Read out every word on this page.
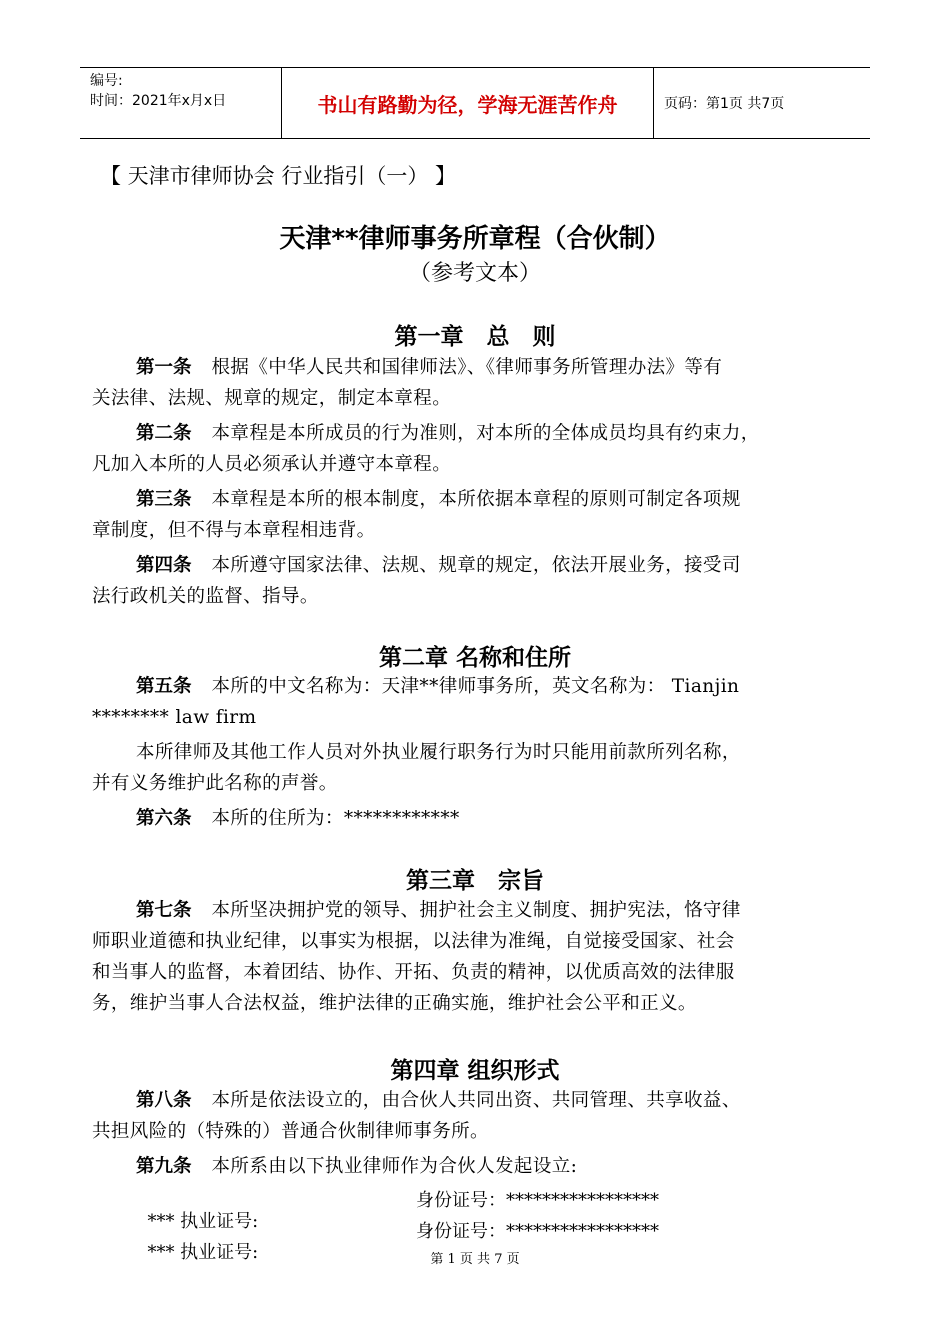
编号:
时间：2021年x月x日	书山有路勤为径，学海无涯苦作舟	页码：第1页 共7页
【 天津市律师协会 行业指引（一） 】
天津**律师事务所章程（合伙制）
（参考文本）
第一章　总　则
第一条 根据《中华人民共和国律师法》、《律师事务所管理办法》等有
关法律、法规、规章的规定，制定本章程。
第二条 本章程是本所成员的行为准则，对本所的全体成员均具有约束力，
凡加入本所的人员必须承认并遵守本章程。
第三条 本章程是本所的根本制度，本所依据本章程的原则可制定各项规
章制度，但不得与本章程相违背。
第四条 本所遵守国家法律、法规、规章的规定，依法开展业务，接受司
法行政机关的监督、指导。
第二章 名称和住所
第五条 本所的中文名称为：天津**律师事务所，英文名称为： Tianjin
******** law firm
本所律师及其他工作人员对外执业履行职务行为时只能用前款所列名称，
并有义务维护此名称的声誉。
第六条 本所的住所为：************
第三章　宗旨
第七条 本所坚决拥护党的领导、拥护社会主义制度、拥护宪法，恪守律
师职业道德和执业纪律，以事实为根据，以法律为准绳，自觉接受国家、社会
和当事人的监督，本着团结、协作、开拓、负责的精神，以优质高效的法律服
务，维护当事人合法权益，维护法律的正确实施，维护社会公平和正义。
第四章 组织形式
第八条 本所是依法设立的，由合伙人共同出资、共同管理、共享收益、
共担风险的（特殊的）普通合伙制律师事务所。
第九条 本所系由以下执业律师作为合伙人发起设立:

*** 执业证号:

身份证号：*****************

*** 执业证号:

身份证号：*****************

第 1 页 共 7 页
